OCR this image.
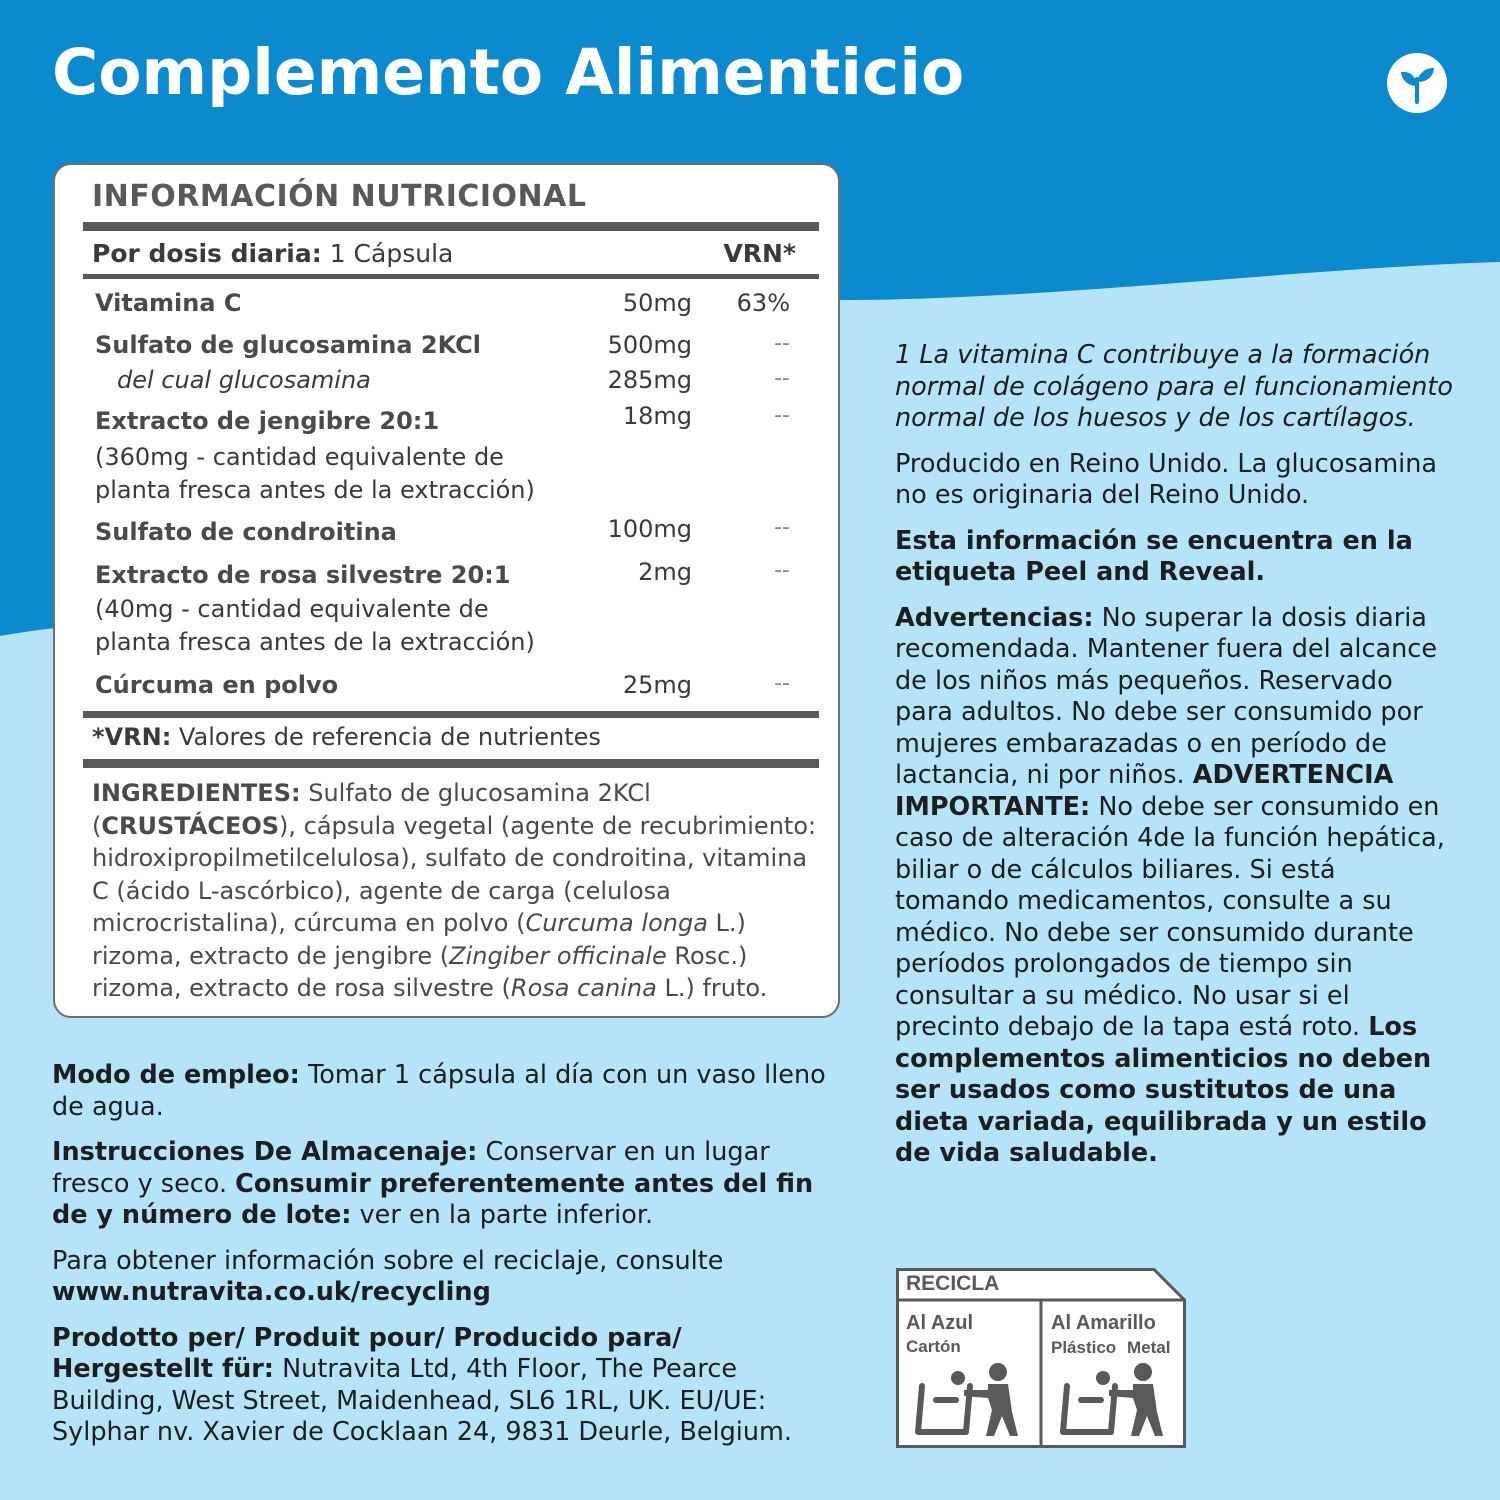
Complemento Alimenticio
INFORMACIÓN NUTRICIONAL
Por dosis diaria: 1 Cápsula	VRN*
Vitamina C	50mg 63%
Sulfato de glucosamina 2KCl	500mg	--
del cual glucosamina	285mg	--
Extracto de jengibre 20:1	18mg	--
(360mg - cantidad equivalente de
planta fresca antes de la extracción)
Sulfato de condroitina	100mg	--
Extracto de rosa silvestre 20:1	2mg	--
(40mg - cantidad equivalente de
planta fresca antes de la extracción)
Cúrcuma en polvo	25mg	--
*VRN: Valores de referencia de nutrientes
INGREDIENTES: Sulfato de glucosamina 2KCl (CRUSTÁCEOS), cápsula vegetal (agente de recubrimiento: hidroxipropilmetilcelulosa), sulfato de condroitina, vitamina C (ácido L-ascórbico), agente de carga (celulosa microcristalina), cúrcuma en polvo (Curcuma longa L.) rizoma, extracto de jengibre (Zingiber officinale Rosc.) rizoma, extracto de rosa silvestre (Rosa canina L.) fruto.

Modo de empleo: Tomar 1 cápsula al día con un vaso lleno de agua.

Instrucciones De Almacenaje: Conservar en un lugar fresco y seco. Consumir preferentemente antes del fin de y número de lote: ver en la parte inferior.

Para obtener información sobre el reciclaje, consulte www.nutravita.co.uk/recycling

Prodotto per/ Produit pour/ Producido para/ Hergestellt für: Nutravita Ltd, 4th Floor, The Pearce Building, West Street, Maidenhead, SL6 1RL, UK. EU/UE: Sylphar nv. Xavier de Cocklaan 24, 9831 Deurle, Belgium.

1 La vitamina C contribuye a la formación normal de colágeno para el funcionamiento normal de los huesos y de los cartílagos.

Producido en Reino Unido. La glucosamina no es originaria del Reino Unido.

Esta información se encuentra en la etiqueta Peel and Reveal.

Advertencias: No superar la dosis diaria recomendada. Mantener fuera del alcance de los niños más pequeños. Reservado para adultos. No debe ser consumido por mujeres embarazadas o en período de lactancia, ni por niños. ADVERTENCIA IMPORTANTE: No debe ser consumido en caso de alteración 4de la función hepática, biliar o de cálculos biliares. Si está tomando medicamentos, consulte a su médico. No debe ser consumido durante períodos prolongados de tiempo sin consultar a su médico. No usar si el precinto debajo de la tapa está roto. Los complementos alimenticios no deben ser usados como sustitutos de una dieta variada, equilibrada y un estilo de vida saludable.

RECICLA
Al Azul
Cartón
Al Amarillo
Plástico Metal
